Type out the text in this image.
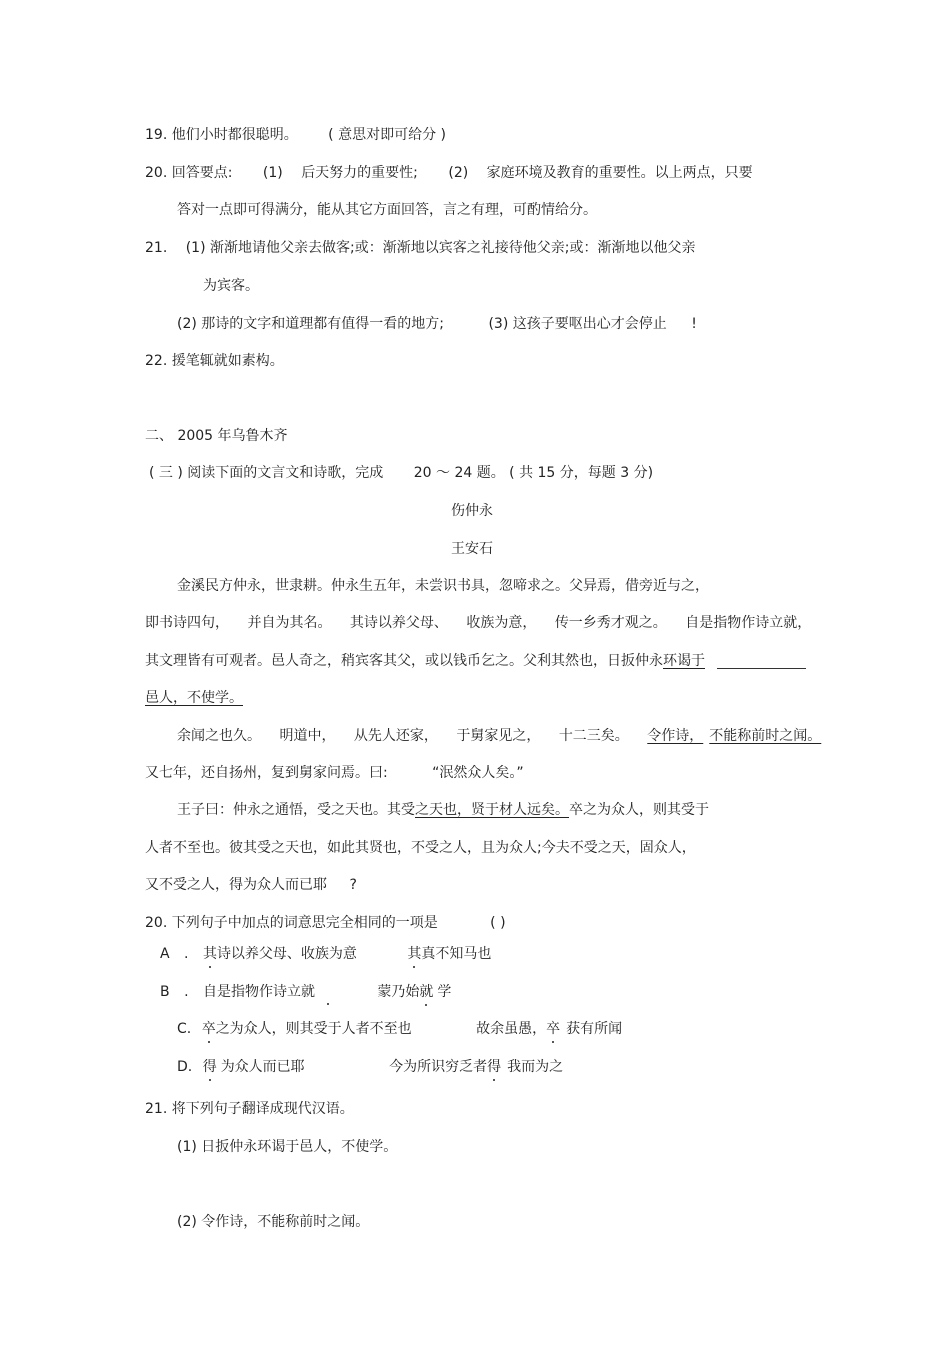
19. 他们小时都很聪明。 ( 意思对即可给分 )
20. 回答要点: (1) 后天努力的重要性; (2) 家庭环境及教育的重要性。以上两点，只要
答对一点即可得满分，能从其它方面回答，言之有理，可酌情给分。
21. (1) 渐渐地请他父亲去做客;或：渐渐地以宾客之礼接待他父亲;或：渐渐地以他父亲
为宾客。
(2) 那诗的文字和道理都有值得一看的地方;	(3) 这孩子要呕出心才会停止 !
22. 援笔辄就如素构。
二、 2005 年乌鲁木齐
( 三 ) 阅读下面的文言文和诗歌，完成 20 ～ 24 题。 ( 共 15 分，每题 3 分)
伤仲永
王安石
金溪民方仲永，世隶耕。仲永生五年，未尝识书具，忽啼求之。父异焉，借旁近与之，
即书诗四句， 并自为其名。 其诗以养父母、 收族为意， 传一乡秀才观之。 自是指物作诗立就，
其文理皆有可观者。邑人奇之，稍宾客其父，或以钱币乞之。父利其然也，日扳仲永环谒于
邑人，不使学。
余闻之也久。 明道中， 从先人还家， 于舅家见之， 十二三矣。 令作诗， 不能称前时之闻。
又七年，还自扬州，复到舅家问焉。曰:	“泯然众人矣。”
王子曰：仲永之通悟，受之天也。其受之天也，贤于材人远矣。卒之为众人，则其受于
人者不至也。彼其受之天也，如此其贤也，不受之人，且为众人;今夫不受之天，固众人，
又不受之人，得为众人而已耶 ?
20. 下列句子中加点的词意思完全相同的一项是	( )
A . 其诗以养父母、收族为意	其真不知马也
B . 自是指物作诗立就	蒙乃始就 学
C. 卒之为众人，则其受于人者不至也	故余虽愚，卒 获有所闻
D. 得 为众人而已耶	今为所识穷乏者得 我而为之
21. 将下列句子翻译成现代汉语。
(1) 日扳仲永环谒于邑人，不使学。
(2) 令作诗，不能称前时之闻。
